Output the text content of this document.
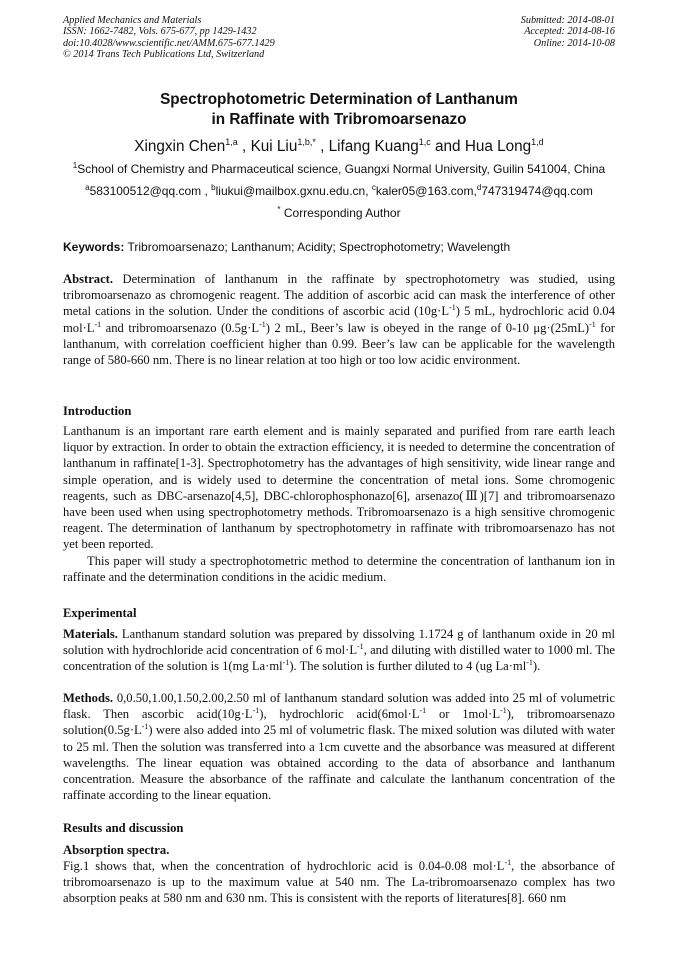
Applied Mechanics and Materials
ISSN: 1662-7482, Vols. 675-677, pp 1429-1432
doi:10.4028/www.scientific.net/AMM.675-677.1429
© 2014 Trans Tech Publications Ltd, Switzerland
Submitted: 2014-08-01
Accepted: 2014-08-16
Online: 2014-10-08
Spectrophotometric Determination of Lanthanum
in Raffinate with Tribromoarsenazo
Xingxin Chen$^{1,a}$ , Kui Liu$^{1,b,*}$ , Lifang Kuang$^{1,c}$ and Hua Long$^{1,d}$
$^1$School of Chemistry and Pharmaceutical science, Guangxi Normal University, Guilin 541004, China
$^a$583100512@qq.com , $^b$liukui@mailbox.gxnu.edu.cn, $^c$kaler05@163.com,$^d$747319474@qq.com
* Corresponding Author
Keywords: Tribromoarsenazo; Lanthanum; Acidity; Spectrophotometry; Wavelength

Abstract. Determination of lanthanum in the raffinate by spectrophotometry was studied, using tribromoarsenazo as chromogenic reagent. The addition of ascorbic acid can mask the interference of other metal cations in the solution. Under the conditions of ascorbic acid $(10g\cdot L^{-1})$ 5 mL, hydrochloric acid 0.04 $mol\cdot L^{-1}$ and tribromoarsenazo $(0.5g\cdot L^{-1})$ 2 mL, Beer’s law is obeyed in the range of 0-10 $\mu g\cdot(25mL)^{-1}$ for lanthanum, with correlation coefficient higher than 0.99. Beer’s law can be applicable for the wavelength range of 580-660 nm. There is no linear relation at too high or too low acidic environment.

Introduction

Lanthanum is an important rare earth element and is mainly separated and purified from rare earth leach liquor by extraction. In order to obtain the extraction efficiency, it is needed to determine the concentration of lanthanum in raffinate[1-3]. Spectrophotometry has the advantages of high sensitivity, wide linear range and simple operation, and is widely used to determine the concentration of metal ions. Some chromogenic reagents, such as DBC-arsenazo[4,5], DBC-chlorophosphonazo[6], arsenazo(Ⅲ)[7] and tribromoarsenazo have been used when using spectrophotometry methods. Tribromoarsenazo is a high sensitive chromogenic reagent. The determination of lanthanum by spectrophotometry in raffinate with tribromoarsenazo has not yet been reported.

This paper will study a spectrophotometric method to determine the concentration of lanthanum ion in raffinate and the determination conditions in the acidic medium.

Experimental

Materials. Lanthanum standard solution was prepared by dissolving 1.1724 g of lanthanum oxide in 20 ml solution with hydrochloride acid concentration of 6 $mol\cdot L^{-1}$, and diluting with distilled water to 1000 ml. The concentration of the solution is 1(mg $La\cdot ml^{-1}$). The solution is further diluted to 4 (ug $La\cdot ml^{-1}$).

Methods. 0,0.50,1.00,1.50,2.00,2.50 ml of lanthanum standard solution was added into 25 ml of volumetric flask. Then ascorbic $acid(10g\cdot L^{-1})$, hydrochloric $acid(6mol\cdot L^{-1}$ or $1mol\cdot L^{-1}$), tribromoarsenazo $solution(0.5g\cdot L^{-1})$ were also added into 25 ml of volumetric flask. The mixed solution was diluted with water to 25 ml. Then the solution was transferred into a 1cm cuvette and the absorbance was measured at different wavelengths. The linear equation was obtained according to the data of absorbance and lanthanum concentration. Measure the absorbance of the raffinate and calculate the lanthanum concentration of the raffinate according to the linear equation.

Results and discussion

Absorption spectra.

Fig.1 shows that, when the concentration of hydrochloric acid is 0.04-0.08 $mol\cdot L^{-1}$, the absorbance of tribromoarsenazo is up to the maximum value at 540 nm. The La-tribromoarsenazo complex has two absorption peaks at 580 nm and 630 nm. This is consistent with the reports of literatures[8]. 660 nm
